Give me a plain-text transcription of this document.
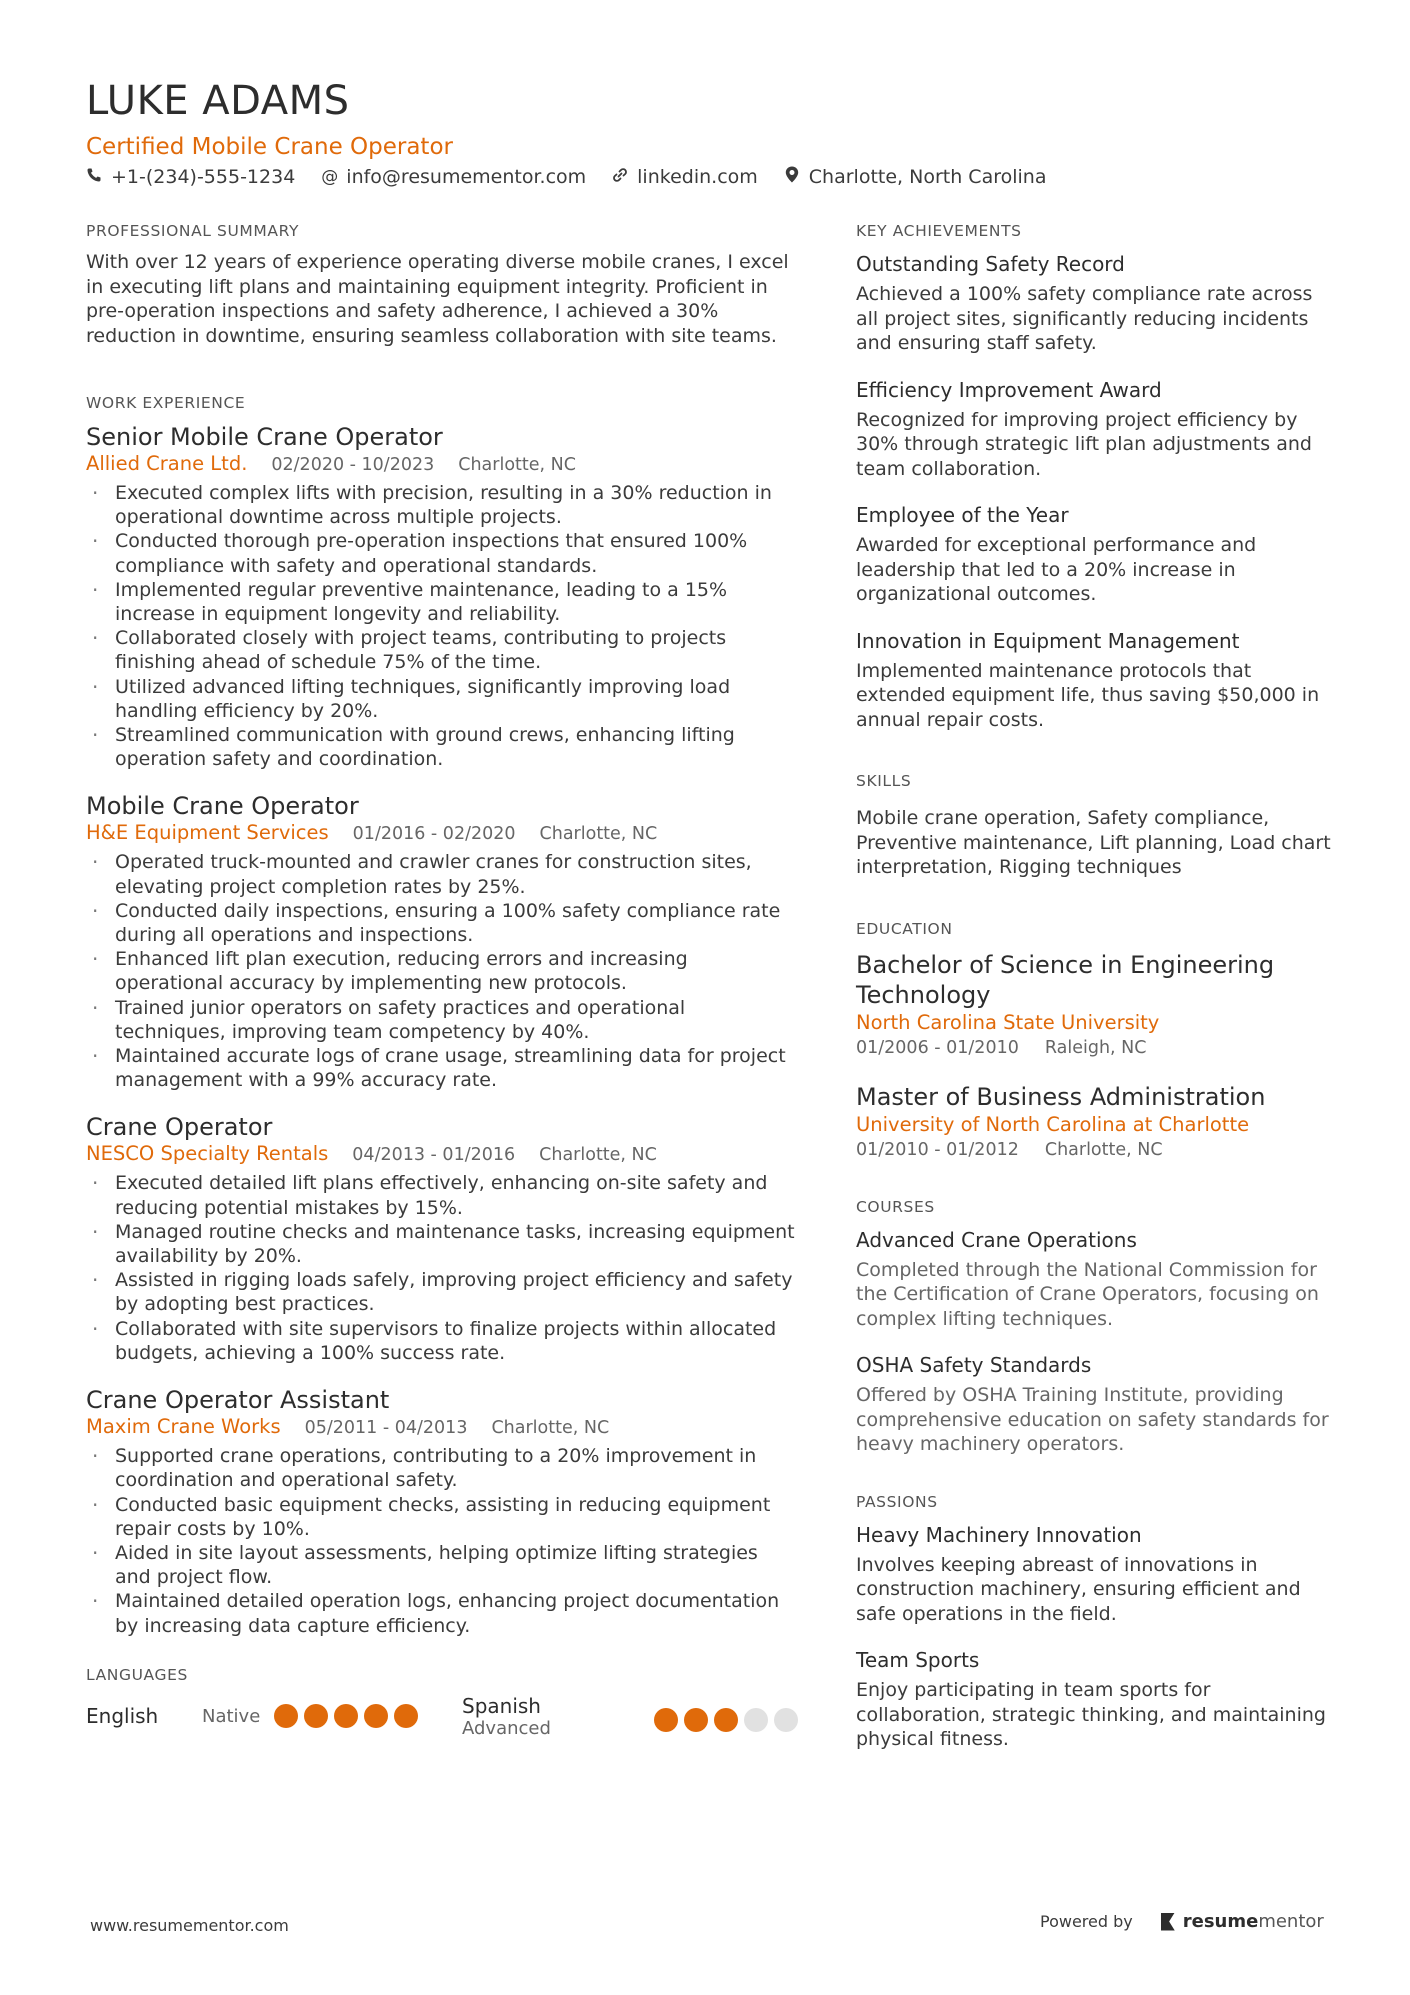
LUKE ADAMS
Certified Mobile Crane Operator
+1-(234)-555-1234 @ info@resumementor.com	linkedin.com	Charlotte, North Carolina
PROFESSIONAL SUMMARY

With over 12 years of experience operating diverse mobile cranes, I excel in executing lift plans and maintaining equipment integrity. Proficient in pre-operation inspections and safety adherence, I achieved a 30% reduction in downtime, ensuring seamless collaboration with site teams.

WORK EXPERIENCE
Senior Mobile Crane Operator
Allied Crane Ltd. 02/2020 - 10/2023 Charlotte, NC
· Executed complex lifts with precision, resulting in a 30% reduction in operational downtime across multiple projects.
· Conducted thorough pre-operation inspections that ensured 100% compliance with safety and operational standards.
· Implemented regular preventive maintenance, leading to a 15% increase in equipment longevity and reliability.
· Collaborated closely with project teams, contributing to projects finishing ahead of schedule 75% of the time.
· Utilized advanced lifting techniques, significantly improving load handling efficiency by 20%.
· Streamlined communication with ground crews, enhancing lifting operation safety and coordination.
Mobile Crane Operator
H&E Equipment Services 01/2016 - 02/2020 Charlotte, NC
· Operated truck-mounted and crawler cranes for construction sites, elevating project completion rates by 25%.
· Conducted daily inspections, ensuring a 100% safety compliance rate during all operations and inspections.
· Enhanced lift plan execution, reducing errors and increasing operational accuracy by implementing new protocols.
· Trained junior operators on safety practices and operational techniques, improving team competency by 40%.
· Maintained accurate logs of crane usage, streamlining data for project management with a 99% accuracy rate.
Crane Operator
NESCO Specialty Rentals 04/2013 - 01/2016 Charlotte, NC
· Executed detailed lift plans effectively, enhancing on-site safety and reducing potential mistakes by 15%.
· Managed routine checks and maintenance tasks, increasing equipment availability by 20%.
· Assisted in rigging loads safely, improving project efficiency and safety by adopting best practices.
· Collaborated with site supervisors to finalize projects within allocated budgets, achieving a 100% success rate.
Crane Operator Assistant
Maxim Crane Works 05/2011 - 04/2013 Charlotte, NC
· Supported crane operations, contributing to a 20% improvement in coordination and operational safety.
· Conducted basic equipment checks, assisting in reducing equipment repair costs by 10%.
· Aided in site layout assessments, helping optimize lifting strategies and project flow.
· Maintained detailed operation logs, enhancing project documentation by increasing data capture efficiency.
LANGUAGES
English	Native	Spanish
Advanced
KEY ACHIEVEMENTS
Outstanding Safety Record

Achieved a 100% safety compliance rate across all project sites, significantly reducing incidents and ensuring staff safety.

Efficiency Improvement Award

Recognized for improving project efficiency by 30% through strategic lift plan adjustments and team collaboration.

Employee of the Year

Awarded for exceptional performance and leadership that led to a 20% increase in organizational outcomes.

Innovation in Equipment Management

Implemented maintenance protocols that extended equipment life, thus saving $50,000 in annual repair costs.

SKILLS

Mobile crane operation, Safety compliance, Preventive maintenance, Lift planning, Load chart interpretation, Rigging techniques

EDUCATION
Bachelor of Science in Engineering Technology
North Carolina State University
01/2006 - 01/2010 Raleigh, NC
Master of Business Administration
University of North Carolina at Charlotte
01/2010 - 01/2012 Charlotte, NC
COURSES
Advanced Crane Operations

Completed through the National Commission for the Certification of Crane Operators, focusing on complex lifting techniques.

OSHA Safety Standards

Offered by OSHA Training Institute, providing comprehensive education on safety standards for heavy machinery operators.

PASSIONS
Heavy Machinery Innovation

Involves keeping abreast of innovations in construction machinery, ensuring efficient and safe operations in the field.

Team Sports

Enjoy participating in team sports for collaboration, strategic thinking, and maintaining physical fitness.

www.resumementor.com	Powered by	resumementor
